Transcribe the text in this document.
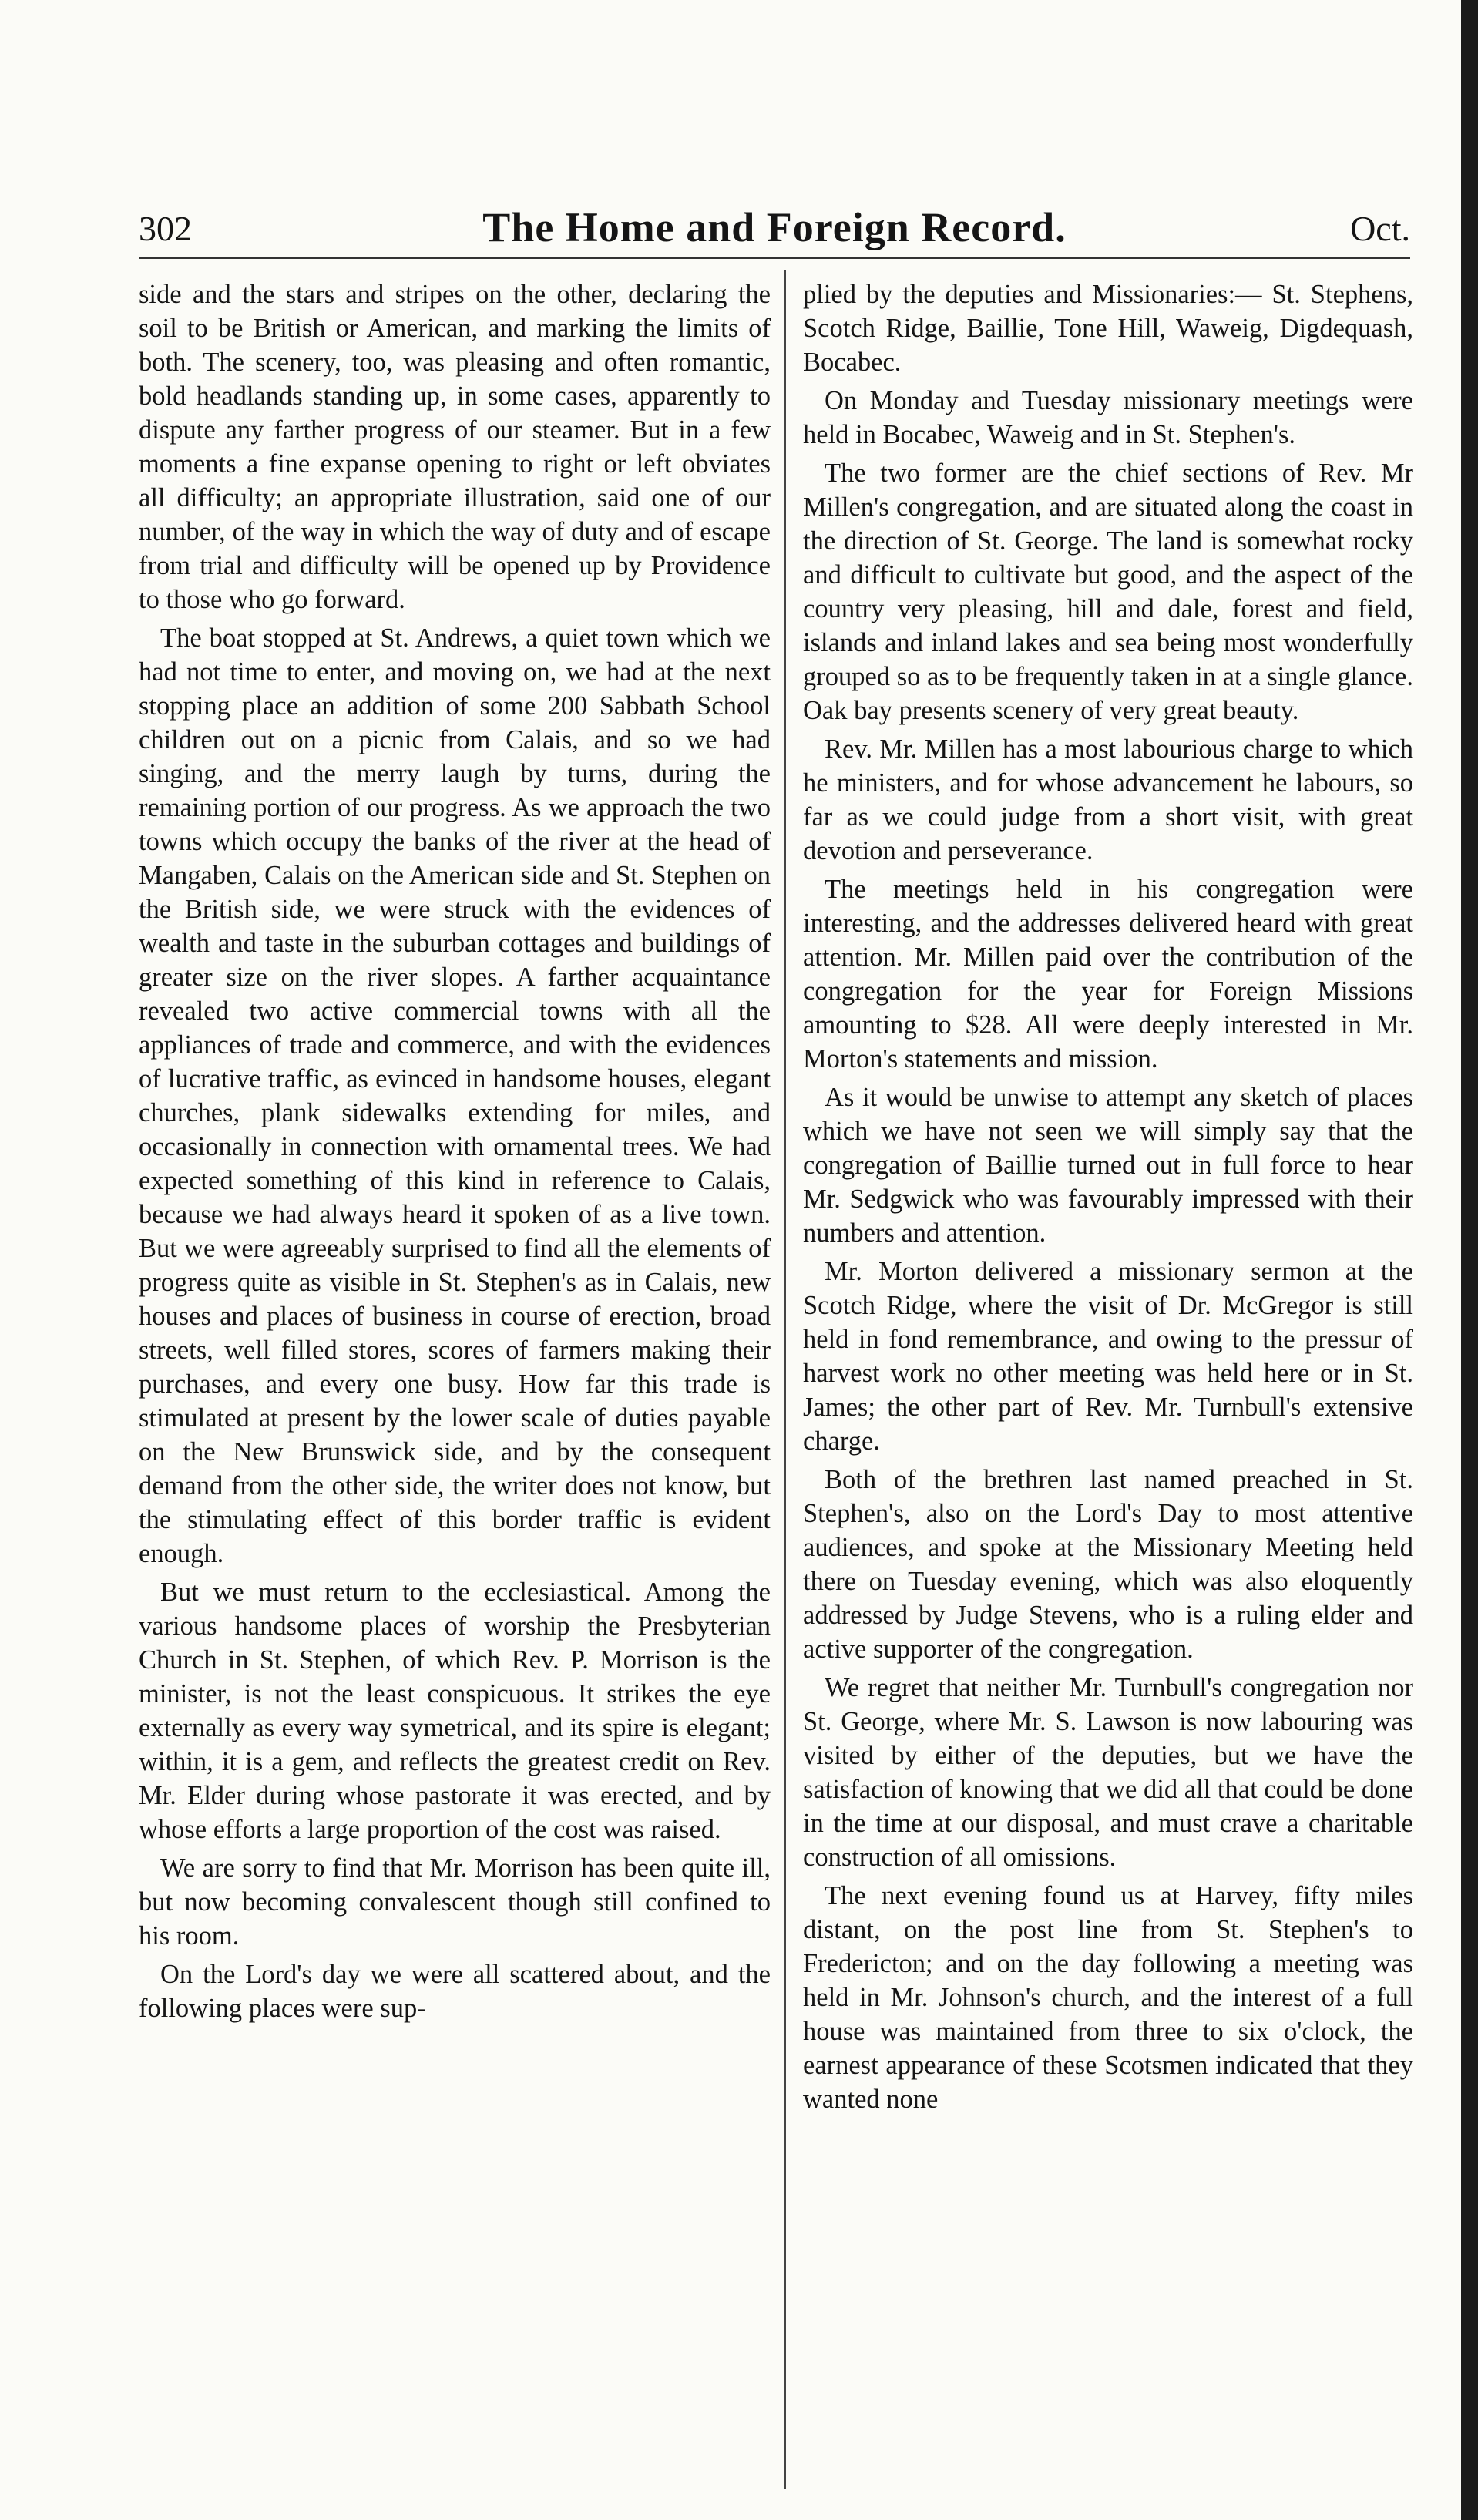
302	The Home and Foreign Record.	Oct.

side and the stars and stripes on the other, declaring the soil to be British or American, and marking the limits of both. The scenery, too, was pleasing and often romantic, bold headlands standing up, in some cases, apparently to dispute any farther progress of our steamer. But in a few moments a fine expanse opening to right or left obviates all difficulty; an appropriate illustration, said one of our number, of the way in which the way of duty and of escape from trial and difficulty will be opened up by Providence to those who go forward.

The boat stopped at St. Andrews, a quiet town which we had not time to enter, and moving on, we had at the next stopping place an addition of some 200 Sabbath School children out on a picnic from Calais, and so we had singing, and the merry laugh by turns, during the remaining portion of our progress. As we approach the two towns which occupy the banks of the river at the head of Mangaben, Calais on the American side and St. Stephen on the British side, we were struck with the evidences of wealth and taste in the suburban cottages and buildings of greater size on the river slopes. A farther acquaintance revealed two active commercial towns with all the appliances of trade and commerce, and with the evidences of lucrative traffic, as evinced in handsome houses, elegant churches, plank sidewalks extending for miles, and occasionally in connection with ornamental trees. We had expected something of this kind in reference to Calais, because we had always heard it spoken of as a live town. But we were agreeably surprised to find all the elements of progress quite as visible in St. Stephen's as in Calais, new houses and places of business in course of erection, broad streets, well filled stores, scores of farmers making their purchases, and every one busy. How far this trade is stimulated at present by the lower scale of duties payable on the New Brunswick side, and by the consequent demand from the other side, the writer does not know, but the stimulating effect of this border traffic is evident enough.

But we must return to the ecclesiastical. Among the various handsome places of worship the Presbyterian Church in St. Stephen, of which Rev. P. Morrison is the minister, is not the least conspicuous. It strikes the eye externally as every way symetrical, and its spire is elegant; within, it is a gem, and reflects the greatest credit on Rev. Mr. Elder during whose pastorate it was erected, and by whose efforts a large proportion of the cost was raised.

We are sorry to find that Mr. Morrison has been quite ill, but now becoming convalescent though still confined to his room.

On the Lord's day we were all scattered about, and the following places were sup-

plied by the deputies and Missionaries:— St. Stephens, Scotch Ridge, Baillie, Tone Hill, Waweig, Digdequash, Bocabec.

On Monday and Tuesday missionary meetings were held in Bocabec, Waweig and in St. Stephen's.

The two former are the chief sections of Rev. Mr Millen's congregation, and are situated along the coast in the direction of St. George. The land is somewhat rocky and difficult to cultivate but good, and the aspect of the country very pleasing, hill and dale, forest and field, islands and inland lakes and sea being most wonderfully grouped so as to be frequently taken in at a single glance. Oak bay presents scenery of very great beauty.

Rev. Mr. Millen has a most labourious charge to which he ministers, and for whose advancement he labours, so far as we could judge from a short visit, with great devotion and perseverance.

The meetings held in his congregation were interesting, and the addresses delivered heard with great attention. Mr. Millen paid over the contribution of the congregation for the year for Foreign Missions amounting to $28. All were deeply interested in Mr. Morton's statements and mission.

As it would be unwise to attempt any sketch of places which we have not seen we will simply say that the congregation of Baillie turned out in full force to hear Mr. Sedgwick who was favourably impressed with their numbers and attention.

Mr. Morton delivered a missionary sermon at the Scotch Ridge, where the visit of Dr. McGregor is still held in fond remembrance, and owing to the pressur of harvest work no other meeting was held here or in St. James; the other part of Rev. Mr. Turnbull's extensive charge.

Both of the brethren last named preached in St. Stephen's, also on the Lord's Day to most attentive audiences, and spoke at the Missionary Meeting held there on Tuesday evening, which was also eloquently addressed by Judge Stevens, who is a ruling elder and active supporter of the congregation.

We regret that neither Mr. Turnbull's congregation nor St. George, where Mr. S. Lawson is now labouring was visited by either of the deputies, but we have the satisfaction of knowing that we did all that could be done in the time at our disposal, and must crave a charitable construction of all omissions.

The next evening found us at Harvey, fifty miles distant, on the post line from St. Stephen's to Fredericton; and on the day following a meeting was held in Mr. Johnson's church, and the interest of a full house was maintained from three to six o'clock, the earnest appearance of these Scotsmen indicated that they wanted none
